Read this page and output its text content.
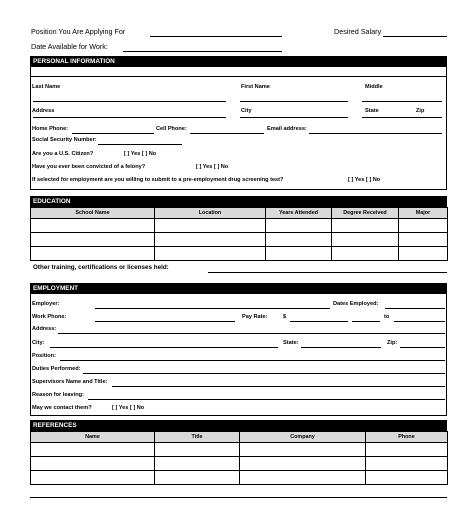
Position You Are Applying For	Desired Salary
Date Available for Work:
PERSONAL INFORMATION
Last Name	First Name	Middle
Address	City	State	Zip
Home Phone:	Cell Phone:	Email address:
Social Security Number:
Are you a U.S. Citizen?	[ ] Yes [ ] No
Have you ever been convicted of a felony?	[ ] Yes [ ] No
If selected for employment are you willing to submit to a pre-employment drug screening test?	[ ] Yes [ ] No
EDUCATION
School Name	Location	Years Attended	Degree Received	Major

Other training, certifications or licenses held:
EMPLOYMENT
Employer:	Dates Employed:
Work Phone:	Pay Rate:	$	to
Address:
City:	State:	Zip:
Position:
Duties Performed:
Supervisors Name and Title:
Reason for leaving:
May we contact them?	[ ] Yes [ ] No
REFERENCES
Name	Title	Company	Phone
